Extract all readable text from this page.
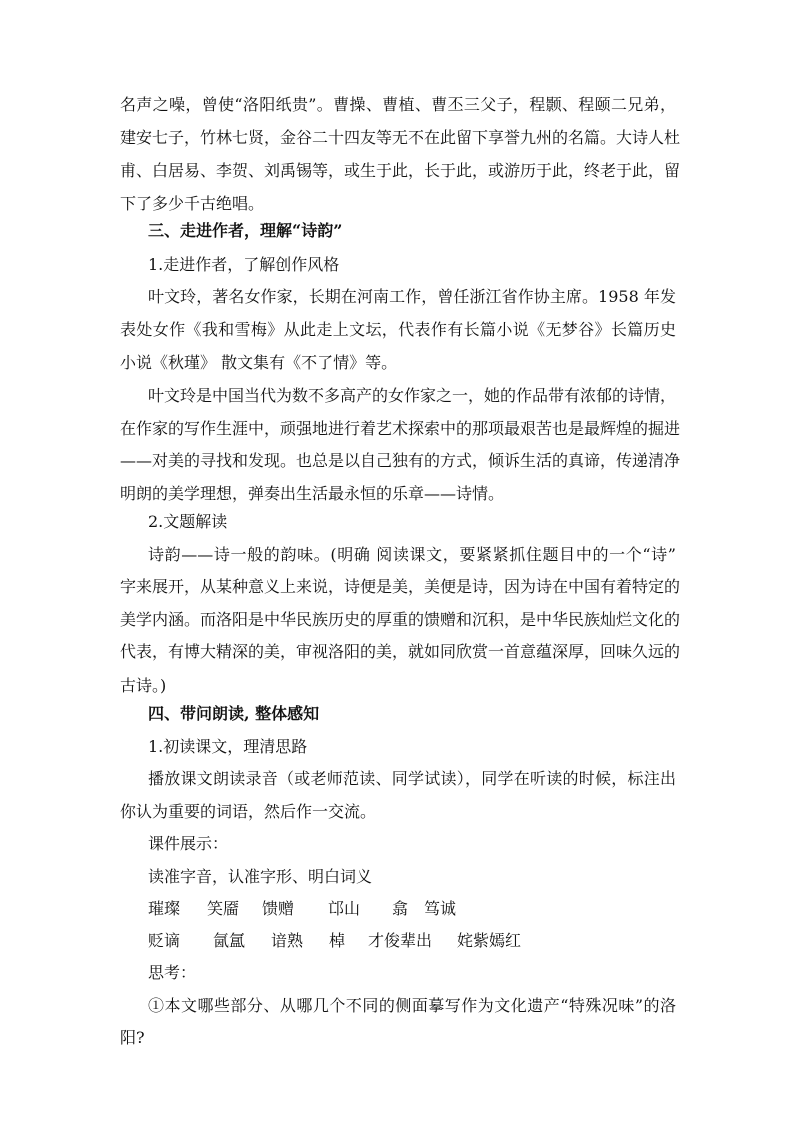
名声之噪，曾使“洛阳纸贵”。曹操、曹植、曹丕三父子，程颢、程颐二兄弟，
建安七子，竹林七贤，金谷二十四友等无不在此留下享誉九州的名篇。大诗人杜
甫、白居易、李贺、刘禹锡等，或生于此，长于此，或游历于此，终老于此，留
下了多少千古绝唱。
三、走进作者，理解“诗韵”
1.走进作者，了解创作风格
叶文玲，著名女作家，长期在河南工作，曾任浙江省作协主席。1958 年发
表处女作《我和雪梅》从此走上文坛，代表作有长篇小说《无梦谷》长篇历史
小说《秋瑾》 散文集有《不了情》等。
叶文玲是中国当代为数不多高产的女作家之一，她的作品带有浓郁的诗情，
在作家的写作生涯中，顽强地进行着艺术探索中的那项最艰苦也是最辉煌的掘进
——对美的寻找和发现。也总是以自己独有的方式，倾诉生活的真谛，传递清净
明朗的美学理想，弹奏出生活最永恒的乐章——诗情。
2.文题解读
诗韵——诗一般的韵味。(明确 阅读课文，要紧紧抓住题目中的一个“诗”
字来展开，从某种意义上来说，诗便是美，美便是诗，因为诗在中国有着特定的
美学内涵。而洛阳是中华民族历史的厚重的馈赠和沉积，是中华民族灿烂文化的
代表，有博大精深的美，审视洛阳的美，就如同欣赏一首意蕴深厚，回味久远的
古诗。)
四、带问朗读, 整体感知
1.初读课文，理清思路
播放课文朗读录音（或老师范读、同学试读），同学在听读的时候，标注出
你认为重要的词语，然后作一交流。
课件展示：
读准字音，认准字形、明白词义
璀璨 笑靥 馈赠 邙山 翕 笃诚
贬谪 氤氲 谙熟 棹 才俊辈出 姹紫嫣红
思考：
①本文哪些部分、从哪几个不同的侧面摹写作为文化遗产“特殊况味”的洛
阳?
